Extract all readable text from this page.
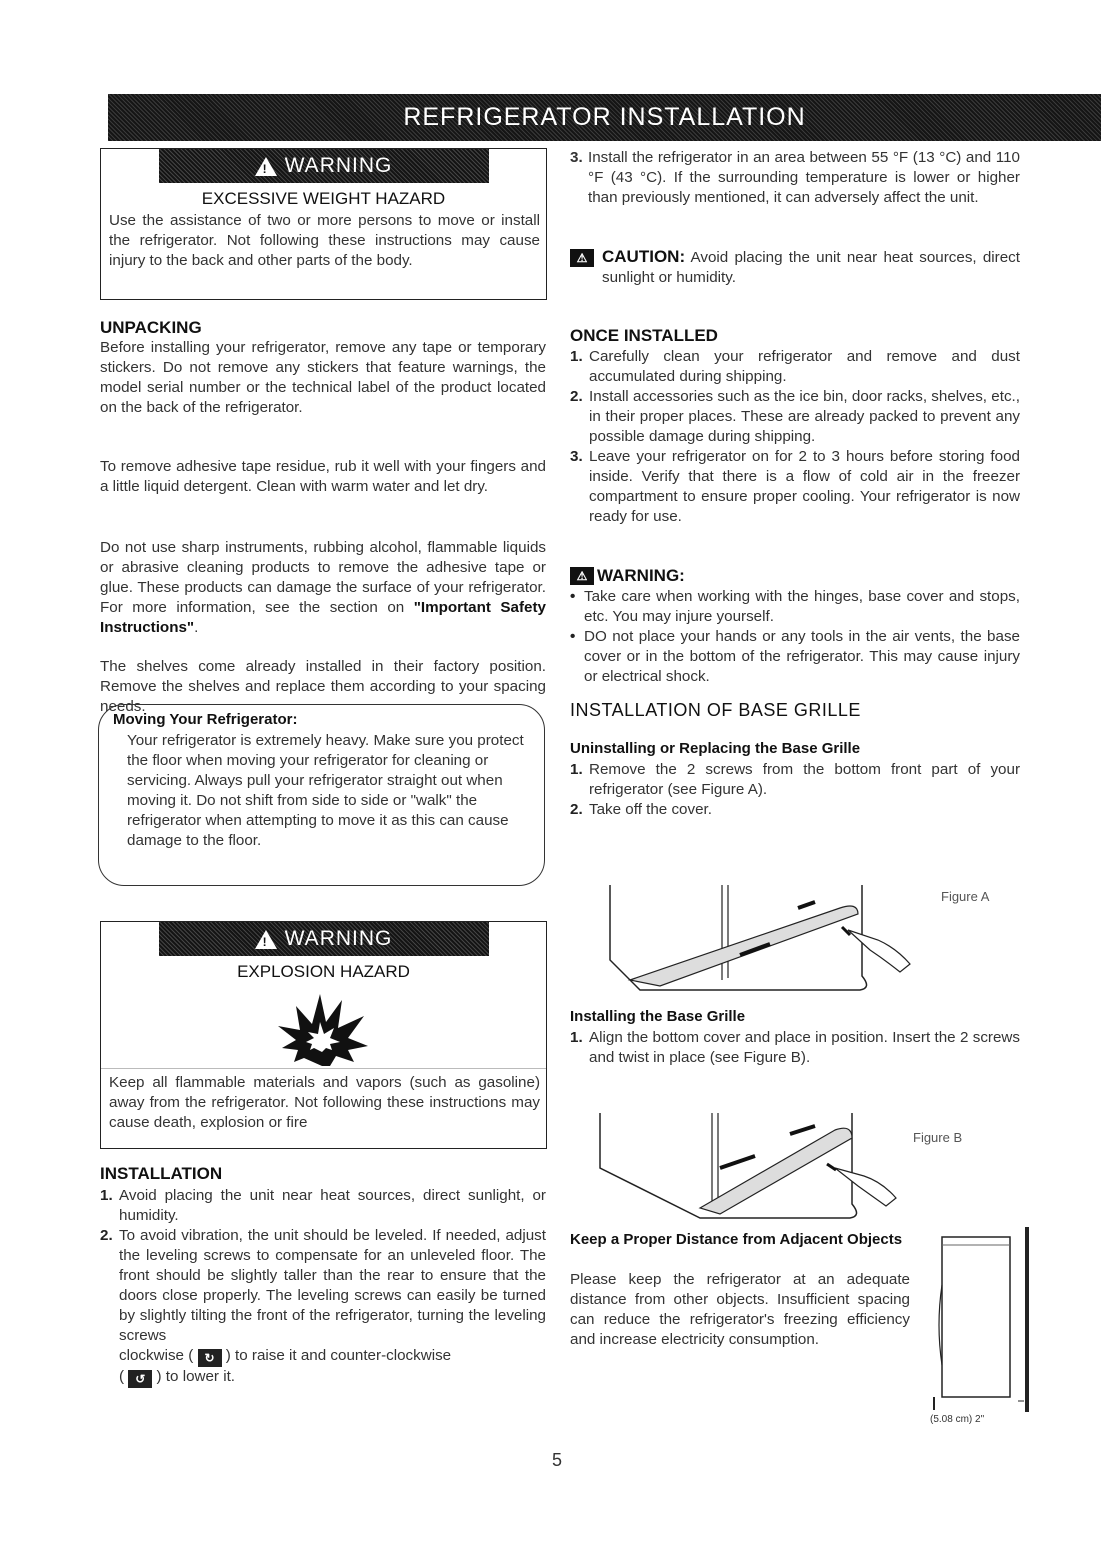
REFRIGERATOR INSTALLATION
!
WARNING
EXCESSIVE WEIGHT HAZARD
Use the assistance of two or more persons to move or install the refrigerator. Not following these instructions may cause injury to the back and other parts of the body.
UNPACKING
Before installing your refrigerator, remove any tape or temporary stickers. Do not remove any stickers that feature warnings, the model serial number or the technical label of the product located on the back of the refrigerator.
To remove adhesive tape residue, rub it well with your fingers and a little liquid detergent. Clean with warm water and let dry.
Do not use sharp instruments, rubbing alcohol, flammable liquids or abrasive cleaning products to remove the adhesive tape or glue. These products can damage the surface of your refrigerator. For more information, see the section on "Important Safety Instructions".
The shelves come already installed in their factory position. Remove the shelves and replace them according to your spacing needs.
Moving Your Refrigerator:
Your refrigerator is extremely heavy. Make sure you protect the floor when moving your refrigerator for cleaning or servicing. Always pull your refrigerator straight out when moving it. Do not shift from side to side or "walk" the refrigerator when attempting to move it as this can cause damage to the floor.
!
WARNING
EXPLOSION HAZARD
Keep all flammable materials and vapors (such as gasoline) away from the refrigerator. Not following these instructions may cause death, explosion or fire
INSTALLATION
1. Avoid placing the unit near heat sources, direct sunlight, or humidity.
2. To avoid vibration, the unit should be leveled. If needed, adjust the leveling screws to compensate for an unleveled floor. The front should be slightly taller than the rear to ensure that the doors close properly. The leveling screws can easily be turned by slightly tilting the front of the refrigerator, turning the leveling screws
clockwise ( ↻ ) to raise it and counter-clockwise
( ↺ ) to lower it.
3. Install the refrigerator in an area between 55 °F (13 °C) and 110 °F (43 °C). If the surrounding temperature is lower or higher than previously mentioned, it can adversely affect the unit.
⚠ CAUTION: Avoid placing the unit near heat sources, direct sunlight or humidity.
ONCE INSTALLED
1. Carefully clean your refrigerator and remove and dust accumulated during shipping.
2. Install accessories such as the ice bin, door racks, shelves, etc., in their proper places. These are already packed to prevent any possible damage during shipping.
3. Leave your refrigerator on for 2 to 3 hours before storing food inside. Verify that there is a flow of cold air in the freezer compartment to ensure proper cooling. Your refrigerator is now ready for use.
⚠ WARNING:
• Take care when working with the hinges, base cover and stops, etc. You may injure yourself.
• DO not place your hands or any tools in the air vents, the base cover or in the bottom of the refrigerator. This may cause injury or electrical shock.
INSTALLATION OF BASE GRILLE
Uninstalling or Replacing the Base Grille
1. Remove the 2 screws from the bottom front part of your refrigerator (see Figure A).
2. Take off the cover.
Figure A
Installing the Base Grille
1. Align the bottom cover and place in position. Insert the 2 screws and twist in place (see Figure B).
Figure B
Keep a Proper Distance from Adjacent Objects
Please keep the refrigerator at an adequate distance from other objects. Insufficient spacing can reduce the refrigerator's freezing efficiency and increase electricity consumption.
(5.08 cm) 2"
5
